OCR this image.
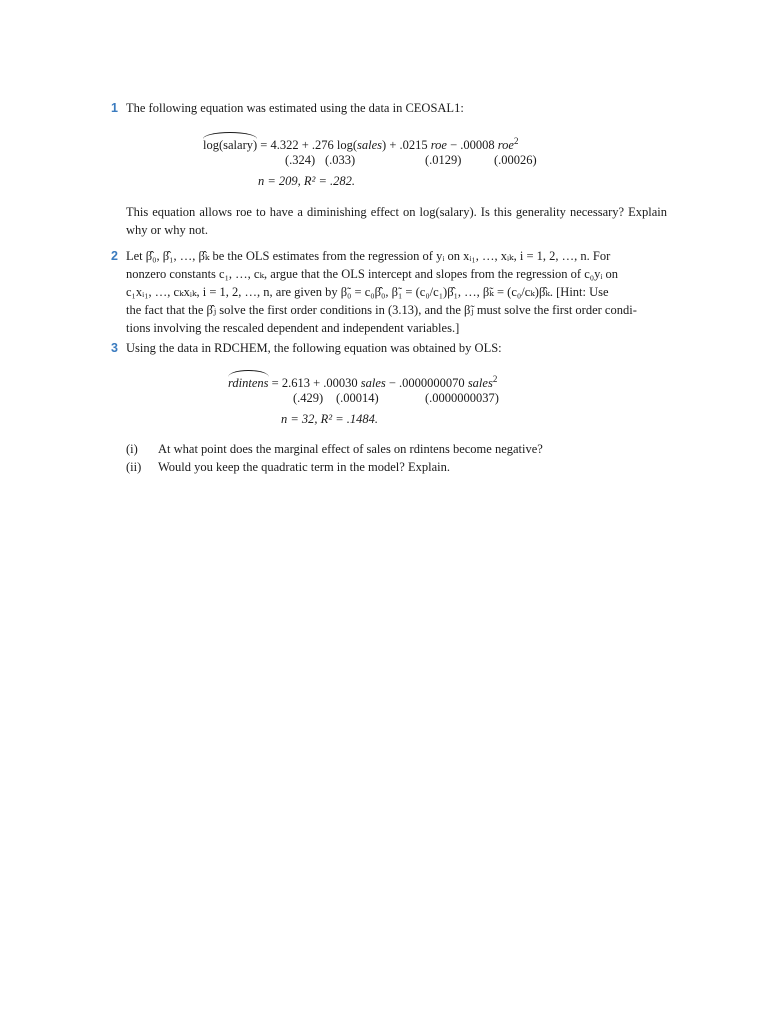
1 The following equation was estimated using the data in CEOSAL1:
log(salary) = 4.322 + .276 log(sales) + .0215 roe − .00008 roe$^2$
(.324) (.033)	(.0129)	(.00026)
n = 209, R² = .282.
This equation allows roe to have a diminishing effect on log(salary). Is this generality necessary? Explain why or why not.
2 Let β̂₀, β̂₁, …, β̂ₖ be the OLS estimates from the regression of yᵢ on xᵢ₁, …, xᵢₖ, i = 1, 2, …, n. For
nonzero constants c₁, …, cₖ, argue that the OLS intercept and slopes from the regression of c₀yᵢ on
c₁xᵢ₁, …, cₖxᵢₖ, i = 1, 2, …, n, are given by β̃₀ = c₀β̂₀, β̃₁ = (c₀/c₁)β̂₁, …, β̃ₖ = (c₀/cₖ)β̂ₖ. [Hint: Use
the fact that the β̂ⱼ solve the first order conditions in (3.13), and the β̃ⱼ must solve the first order condi-
tions involving the rescaled dependent and independent variables.]
3 Using the data in RDCHEM, the following equation was obtained by OLS:
rdintens = 2.613 + .00030 sales − .0000000070 sales$^2$
(.429) (.00014)	(.0000000037)
n = 32, R² = .1484.
(i) At what point does the marginal effect of sales on rdintens become negative?
(ii) Would you keep the quadratic term in the model? Explain.
